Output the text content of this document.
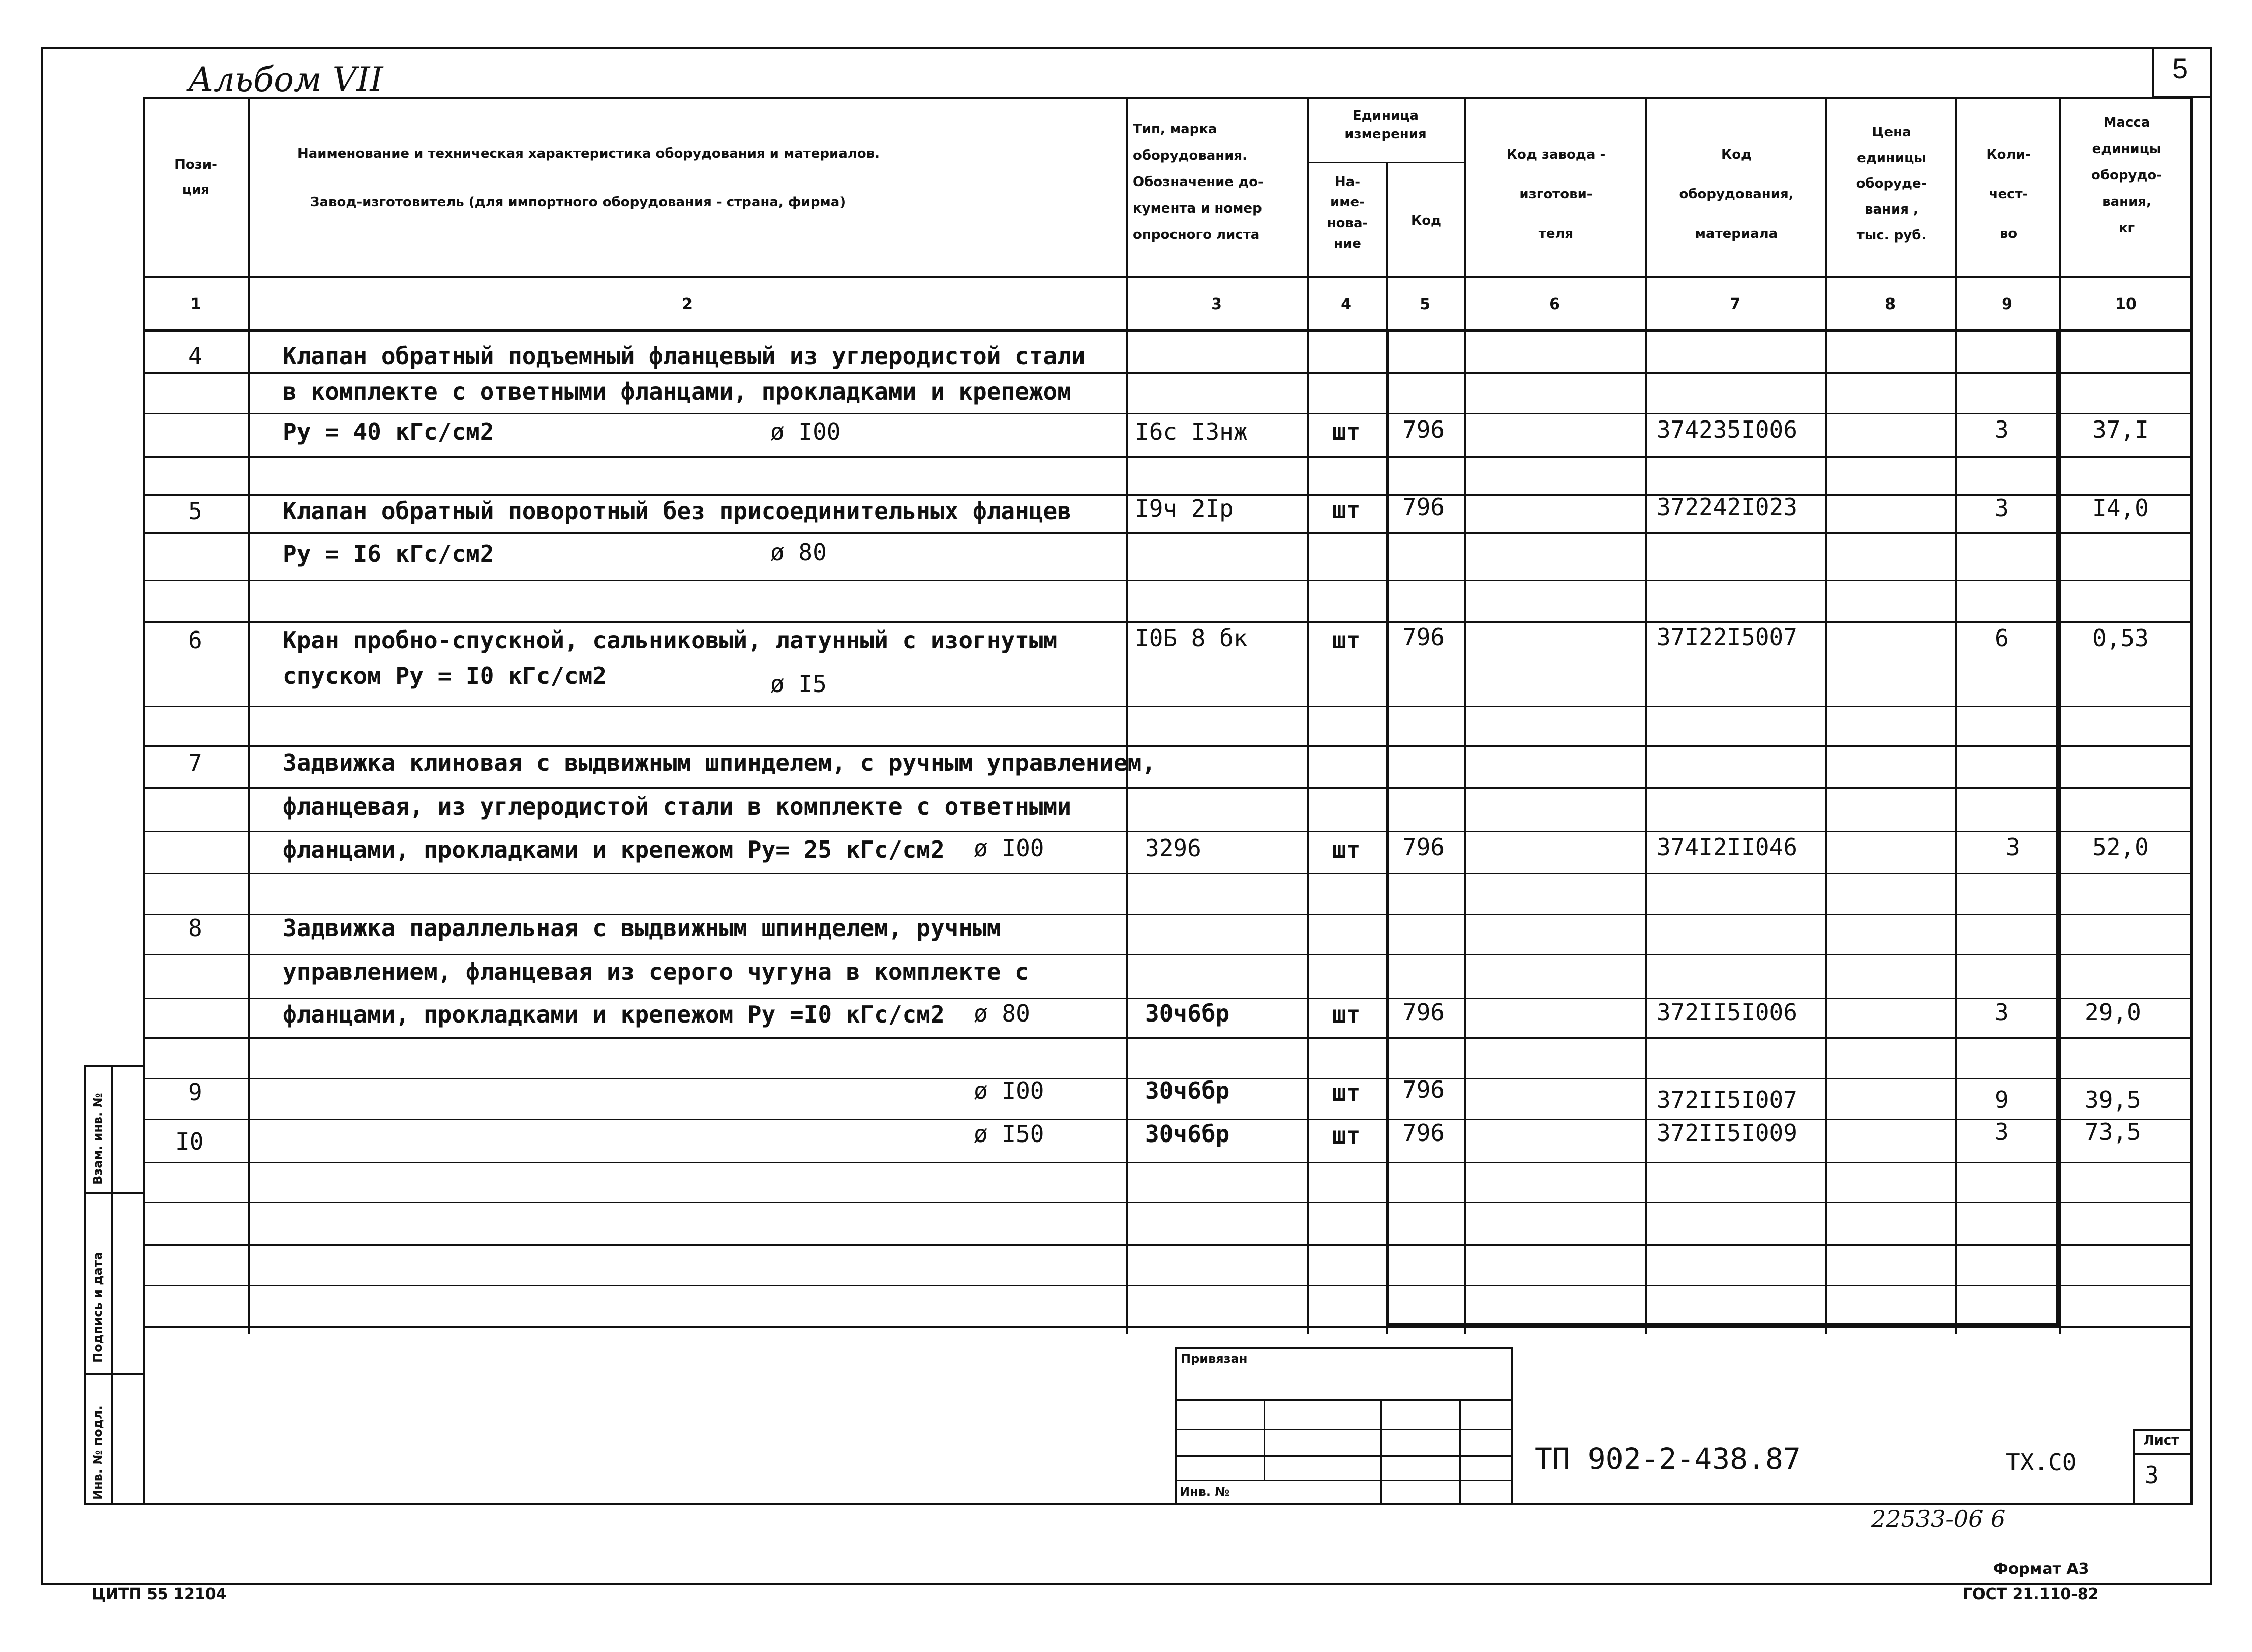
5
Альбом VII
Пози-
ция
Наименование и техническая характеристика оборудования и материалов.
Завод-изготовитель (для импортного оборудования - страна, фирма)
Тип, марка
оборудования.
Обозначение до-
кумента и номер
опросного листа
Единица
измерения
На-
име-
нова-
ние
Код
Код завода -
изготови-
теля
Код
оборудования,
материала
Цена
единицы
оборуде-
вания ,
тыс. руб.
Коли-
чест-
во
Масса
единицы
оборудо-
вания,
кг
1	2	3	4	5	6	7	8	9	10
4	Клапан обратный подъемный фланцевый из углеродистой стали
в комплекте с ответными фланцами, прокладками и крепежом
Ру = 40 кГс/см2	ø I00	I6с I3нж	шт 796	374235I006	3	37,I
5	Клапан обратный поворотный без присоединительных фланцев	I9ч 2Iр	шт 796	372242I023	3	I4,0
Ру = I6 кГс/см2	ø 80
6	Кран пробно-спускной, сальниковый, латунный с изогнутым	I0Б 8 бк	шт 796	37I22I5007	6	0,53
спуском Ру = I0 кГс/см2	ø I5
7	Задвижка клиновая с выдвижным шпинделем, с ручным управлением,
фланцевая, из углеродистой стали в комплекте с ответными
фланцами, прокладками и крепежом Ру= 25 кГс/см2 ø I00	3296	шт 796	374I2II046	3	52,0
8	Задвижка параллельная с выдвижным шпинделем, ручным
управлением, фланцевая из серого чугуна в комплекте с
фланцами, прокладками и крепежом Ру =I0 кГс/см2 ø 80	30ч6бр	шт 796	372II5I006	3	29,0
9	ø I00	30ч6бр	шт 796	372II5I007	9	39,5
I0	ø I50	30ч6бр	шт 796	372II5I009	3	73,5
Взам. инв. №
Подпись и дата
Инв. № подл.
Привязан
Инв. №
ТП 902-2-438.87	ТХ.С0
Лист
3
22533-06 6
Формат А3
ГОСТ 21.110-82
ЦИТП 55 12104
